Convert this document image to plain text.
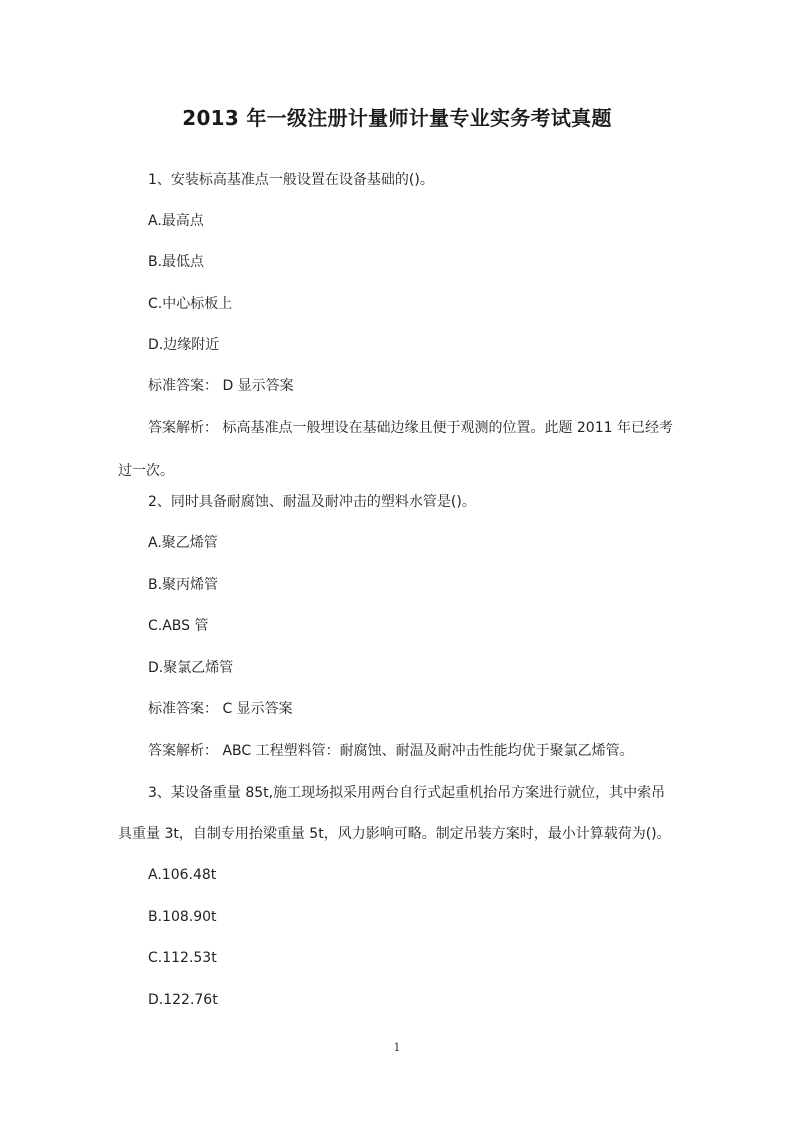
2013 年一级注册计量师计量专业实务考试真题
1、安装标高基准点一般设置在设备基础的()。
A.最高点
B.最低点
C.中心标板上
D.边缘附近
标准答案： D 显示答案
答案解析： 标高基准点一般埋设在基础边缘且便于观测的位置。此题 2011 年已经考
过一次。
2、同时具备耐腐蚀、耐温及耐冲击的塑料水管是()。
A.聚乙烯管
B.聚丙烯管
C.ABS 管
D.聚氯乙烯管
标准答案： C 显示答案
答案解析： ABC 工程塑料管：耐腐蚀、耐温及耐冲击性能均优于聚氯乙烯管。
3、某设备重量 85t,施工现场拟采用两台自行式起重机抬吊方案进行就位，其中索吊
具重量 3t，自制专用抬梁重量 5t，风力影响可略。制定吊装方案时，最小计算载荷为()。
A.106.48t
B.108.90t
C.112.53t
D.122.76t
1
